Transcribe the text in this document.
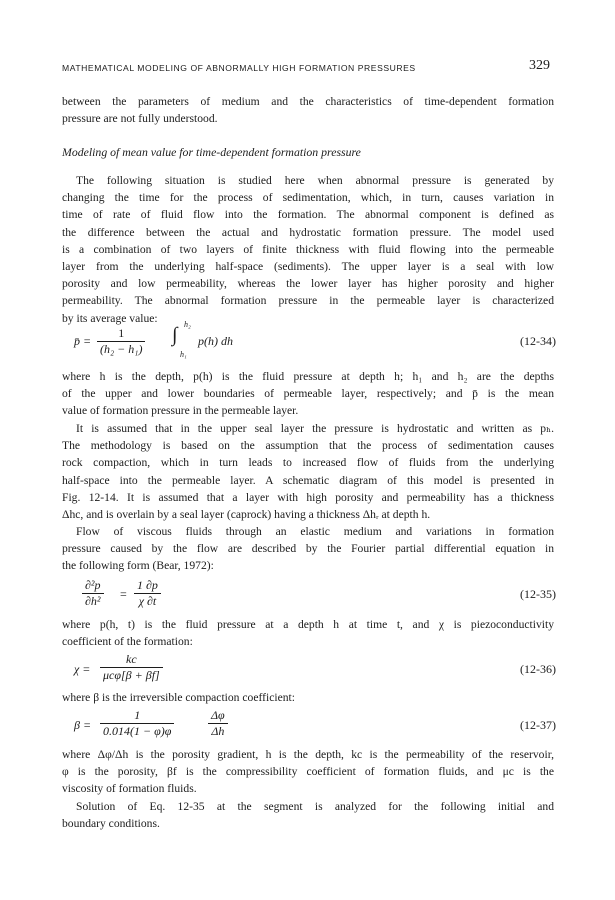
MATHEMATICAL MODELING OF ABNORMALLY HIGH FORMATION PRESSURES	329
between the parameters of medium and the characteristics of time-dependent formation
pressure are not fully understood.
Modeling of mean value for time-dependent formation pressure
The following situation is studied here when abnormal pressure is generated by
changing the time for the process of sedimentation, which, in turn, causes variation in
time of rate of fluid flow into the formation. The abnormal component is defined as
the difference between the actual and hydrostatic formation pressure. The model used
is a combination of two layers of finite thickness with fluid flowing into the permeable
layer from the underlying half-space (sediments). The upper layer is a seal with low
porosity and low permeability, whereas the lower layer has higher porosity and higher
permeability. The abnormal formation pressure in the permeable layer is characterized
by its average value:
p̄ = $\frac{1}{\text{(h₂ − h₁)}}$ ∫ h₂
h₁
p(h) dh	(12-34)
where h is the depth, p(h) is the fluid pressure at depth h; h₁ and h₂ are the depths
of the upper and lower boundaries of permeable layer, respectively; and p̄ is the mean
value of formation pressure in the permeable layer.
It is assumed that in the upper seal layer the pressure is hydrostatic and written as pₕ.
The methodology is based on the assumption that the process of sedimentation causes
rock compaction, which in turn leads to increased flow of fluids from the underlying
half-space into the permeable layer. A schematic diagram of this model is presented in
Fig. 12-14. It is assumed that a layer with high porosity and permeability has a thickness
Δhc, and is overlain by a seal layer (caprock) having a thickness Δhᵣ at depth h.
Flow of viscous fluids through an elastic medium and variations in formation
pressure caused by the flow are described by the Fourier partial differential equation in
the following form (Bear, 1972):
$\frac{\text{∂²p}}{\text{∂h²}} = \frac{1 \partial p}{\chi \partial t}$	(12-35)
where p(h, t) is the fluid pressure at a depth h at time t, and χ is piezoconductivity
coefficient of the formation:
χ =
kc
μcφ[β + βf]	(12-36)
where β is the irreversible compaction coefficient:
$\beta = \frac{1}{0.014(1 - \varphi)\varphi}$	$\frac{\Delta\varphi}{\Delta h}$	(12-37)
where Δφ/Δh is the porosity gradient, h is the depth, kc is the permeability of the reservoir,
φ is the porosity, βf is the compressibility coefficient of formation fluids, and μc is the
viscosity of formation fluids.
Solution of Eq. 12-35 at the segment is analyzed for the following initial and
boundary conditions.
